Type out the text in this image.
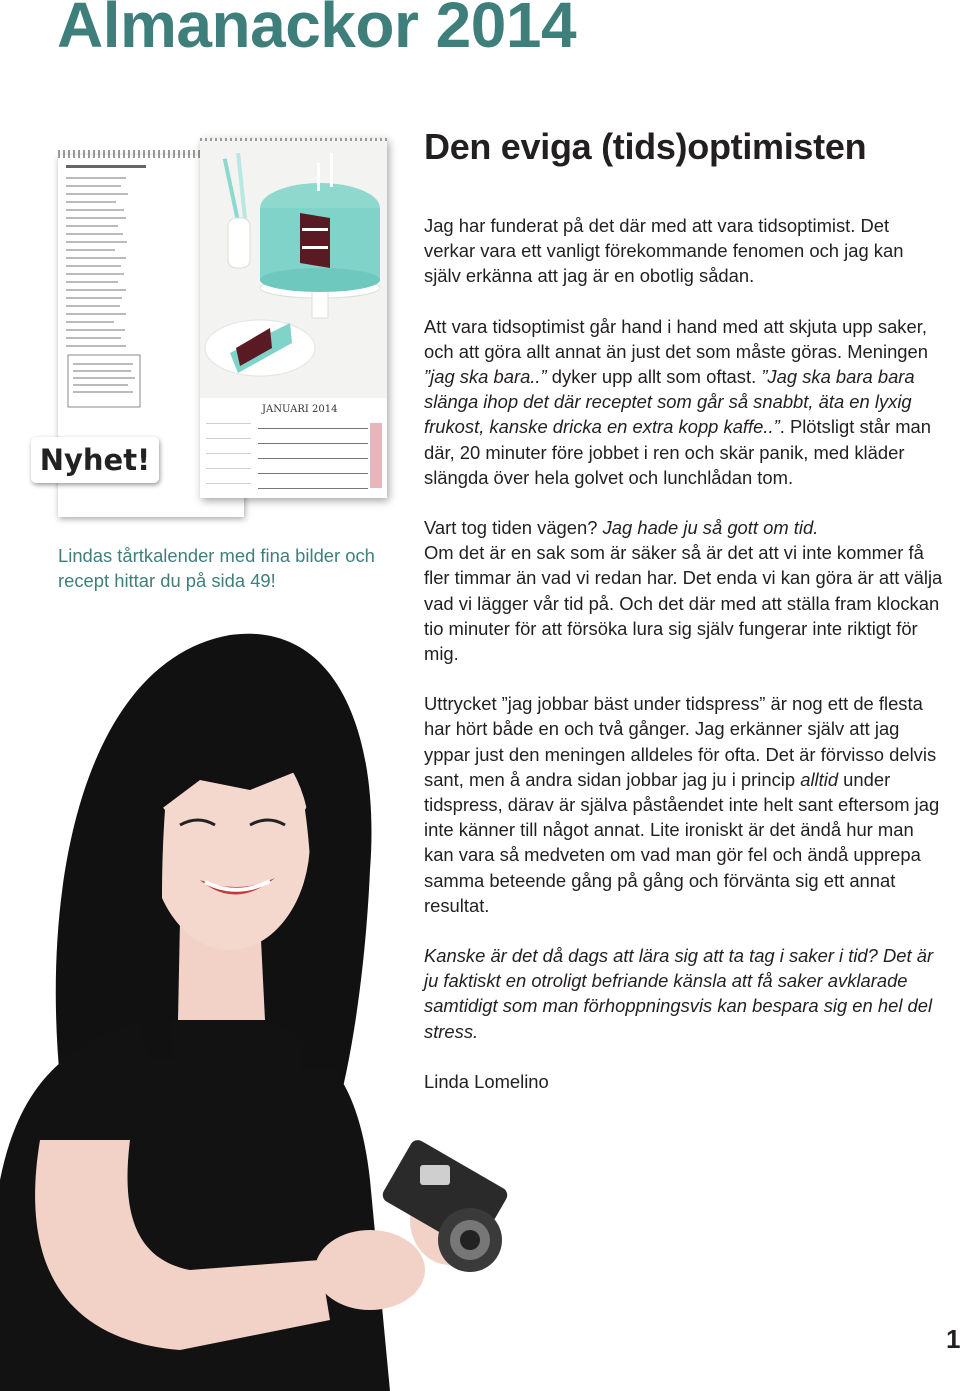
Almanackor 2014
JANUARI 2014
Nyhet!
Lindas tårtkalender med fina bilder och recept hittar du på sida 49!
Den eviga (tids)optimisten

Jag har funderat på det där med att vara tidsoptimist. Det verkar vara ett vanligt förekommande fenomen och jag kan själv erkänna att jag är en obotlig sådan.

Att vara tidsoptimist går hand i hand med att skjuta upp saker, och att göra allt annat än just det som måste göras. Meningen ”jag ska bara..” dyker upp allt som oftast. ”Jag ska bara bara slänga ihop det där receptet som går så snabbt, äta en lyxig frukost, kanske dricka en extra kopp kaffe..”. Plötsligt står man där, 20 minuter före jobbet i ren och skär panik, med kläder slängda över hela golvet och lunchlådan tom.

Vart tog tiden vägen? Jag hade ju så gott om tid.
Om det är en sak som är säker så är det att vi inte kommer få fler timmar än vad vi redan har. Det enda vi kan göra är att välja vad vi lägger vår tid på. Och det där med att ställa fram klockan tio minuter för att försöka lura sig själv fungerar inte riktigt för mig.

Uttrycket ”jag jobbar bäst under tidspress” är nog ett de flesta har hört både en och två gånger. Jag erkänner själv att jag yppar just den meningen alldeles för ofta. Det är förvisso delvis sant, men å andra sidan jobbar jag ju i princip alltid under tidspress, därav är själva påståendet inte helt sant eftersom jag inte känner till något annat. Lite ironiskt är det ändå hur man kan vara så medveten om vad man gör fel och ändå upprepa samma beteende gång på gång och förvänta sig ett annat resultat.

Kanske är det då dags att lära sig att ta tag i saker i tid? Det är ju faktiskt en otroligt befriande känsla att få saker avklarade samtidigt som man förhoppningsvis kan bespara sig en hel del stress.

Linda Lomelino

1
